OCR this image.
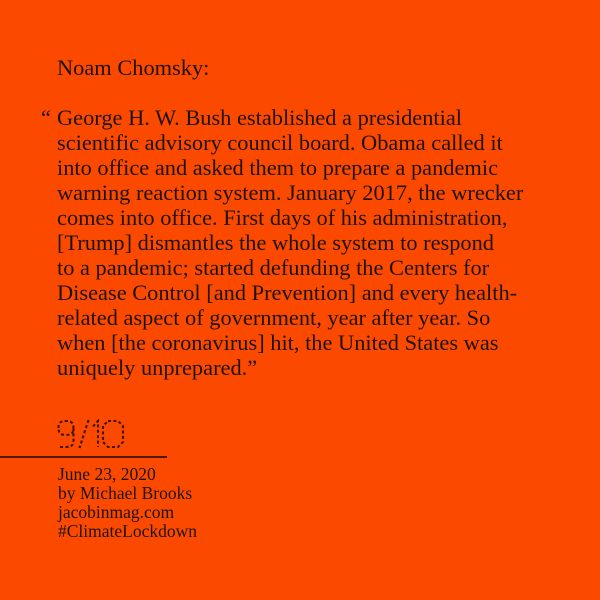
Noam Chomsky:
“ George H. W. Bush established a presidential
scientific advisory council board. Obama called it
into office and asked them to prepare a pandemic
warning reaction system. January 2017, the wrecker
comes into office. First days of his administration,
[Trump] dismantles the whole system to respond
to a pandemic; started defunding the Centers for
Disease Control [and Prevention] and every health-
related aspect of government, year after year. So
when [the coronavirus] hit, the United States was
uniquely unprepared.”
June 23, 2020
by Michael Brooks
jacobinmag.com
#ClimateLockdown
